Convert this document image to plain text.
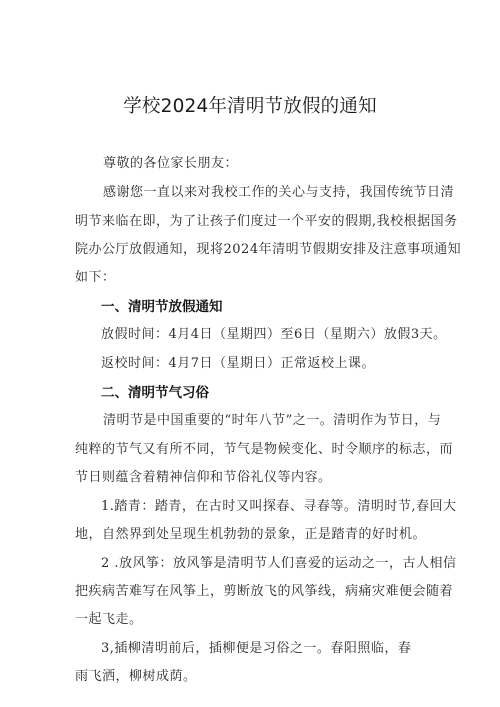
学校2024年清明节放假的通知
尊敬的各位家长朋友：
感谢您一直以来对我校工作的关心与支持，我国传统节日清
明节来临在即，为了让孩子们度过一个平安的假期,我校根据国务
院办公厅放假通知，现将2024年清明节假期安排及注意事项通知
如下：
一、清明节放假通知
放假时间：4月4日（星期四）至6日（星期六）放假3天。
返校时间：4月7日（星期日）正常返校上课。
二、清明节气习俗
清明节是中国重要的“时年八节”之一。清明作为节日，与
纯粹的节气又有所不同，节气是物候变化、时令顺序的标志，而
节日则蕴含着精神信仰和节俗礼仪等内容。
1.踏青：踏青，在古时又叫探春、寻春等。清明时节,春回大
地，自然界到处呈现生机勃勃的景象，正是踏青的好时机。
2 .放风筝：放风筝是清明节人们喜爱的运动之一，古人相信
把疾病苦难写在风筝上，剪断放飞的风筝线，病痛灾难便会随着
一起飞走。
3,插柳清明前后，插柳便是习俗之一。春阳照临，春
雨飞洒，柳树成荫。
